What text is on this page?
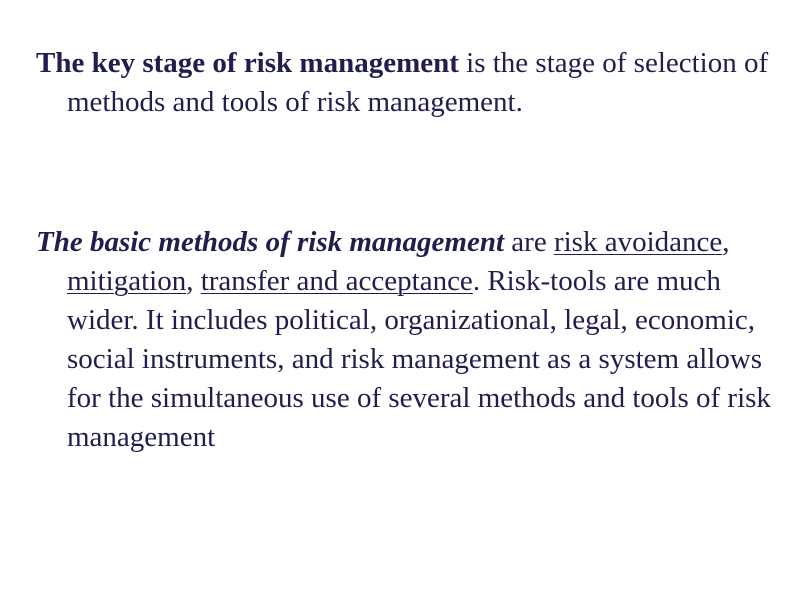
The key stage of risk management is the stage of selection of methods and tools of risk management.

The basic methods of risk management are risk avoidance, mitigation, transfer and acceptance. Risk-tools are much wider. It includes political, organizational, legal, economic, social instruments, and risk management as a system allows for the simultaneous use of several methods and tools of risk management
